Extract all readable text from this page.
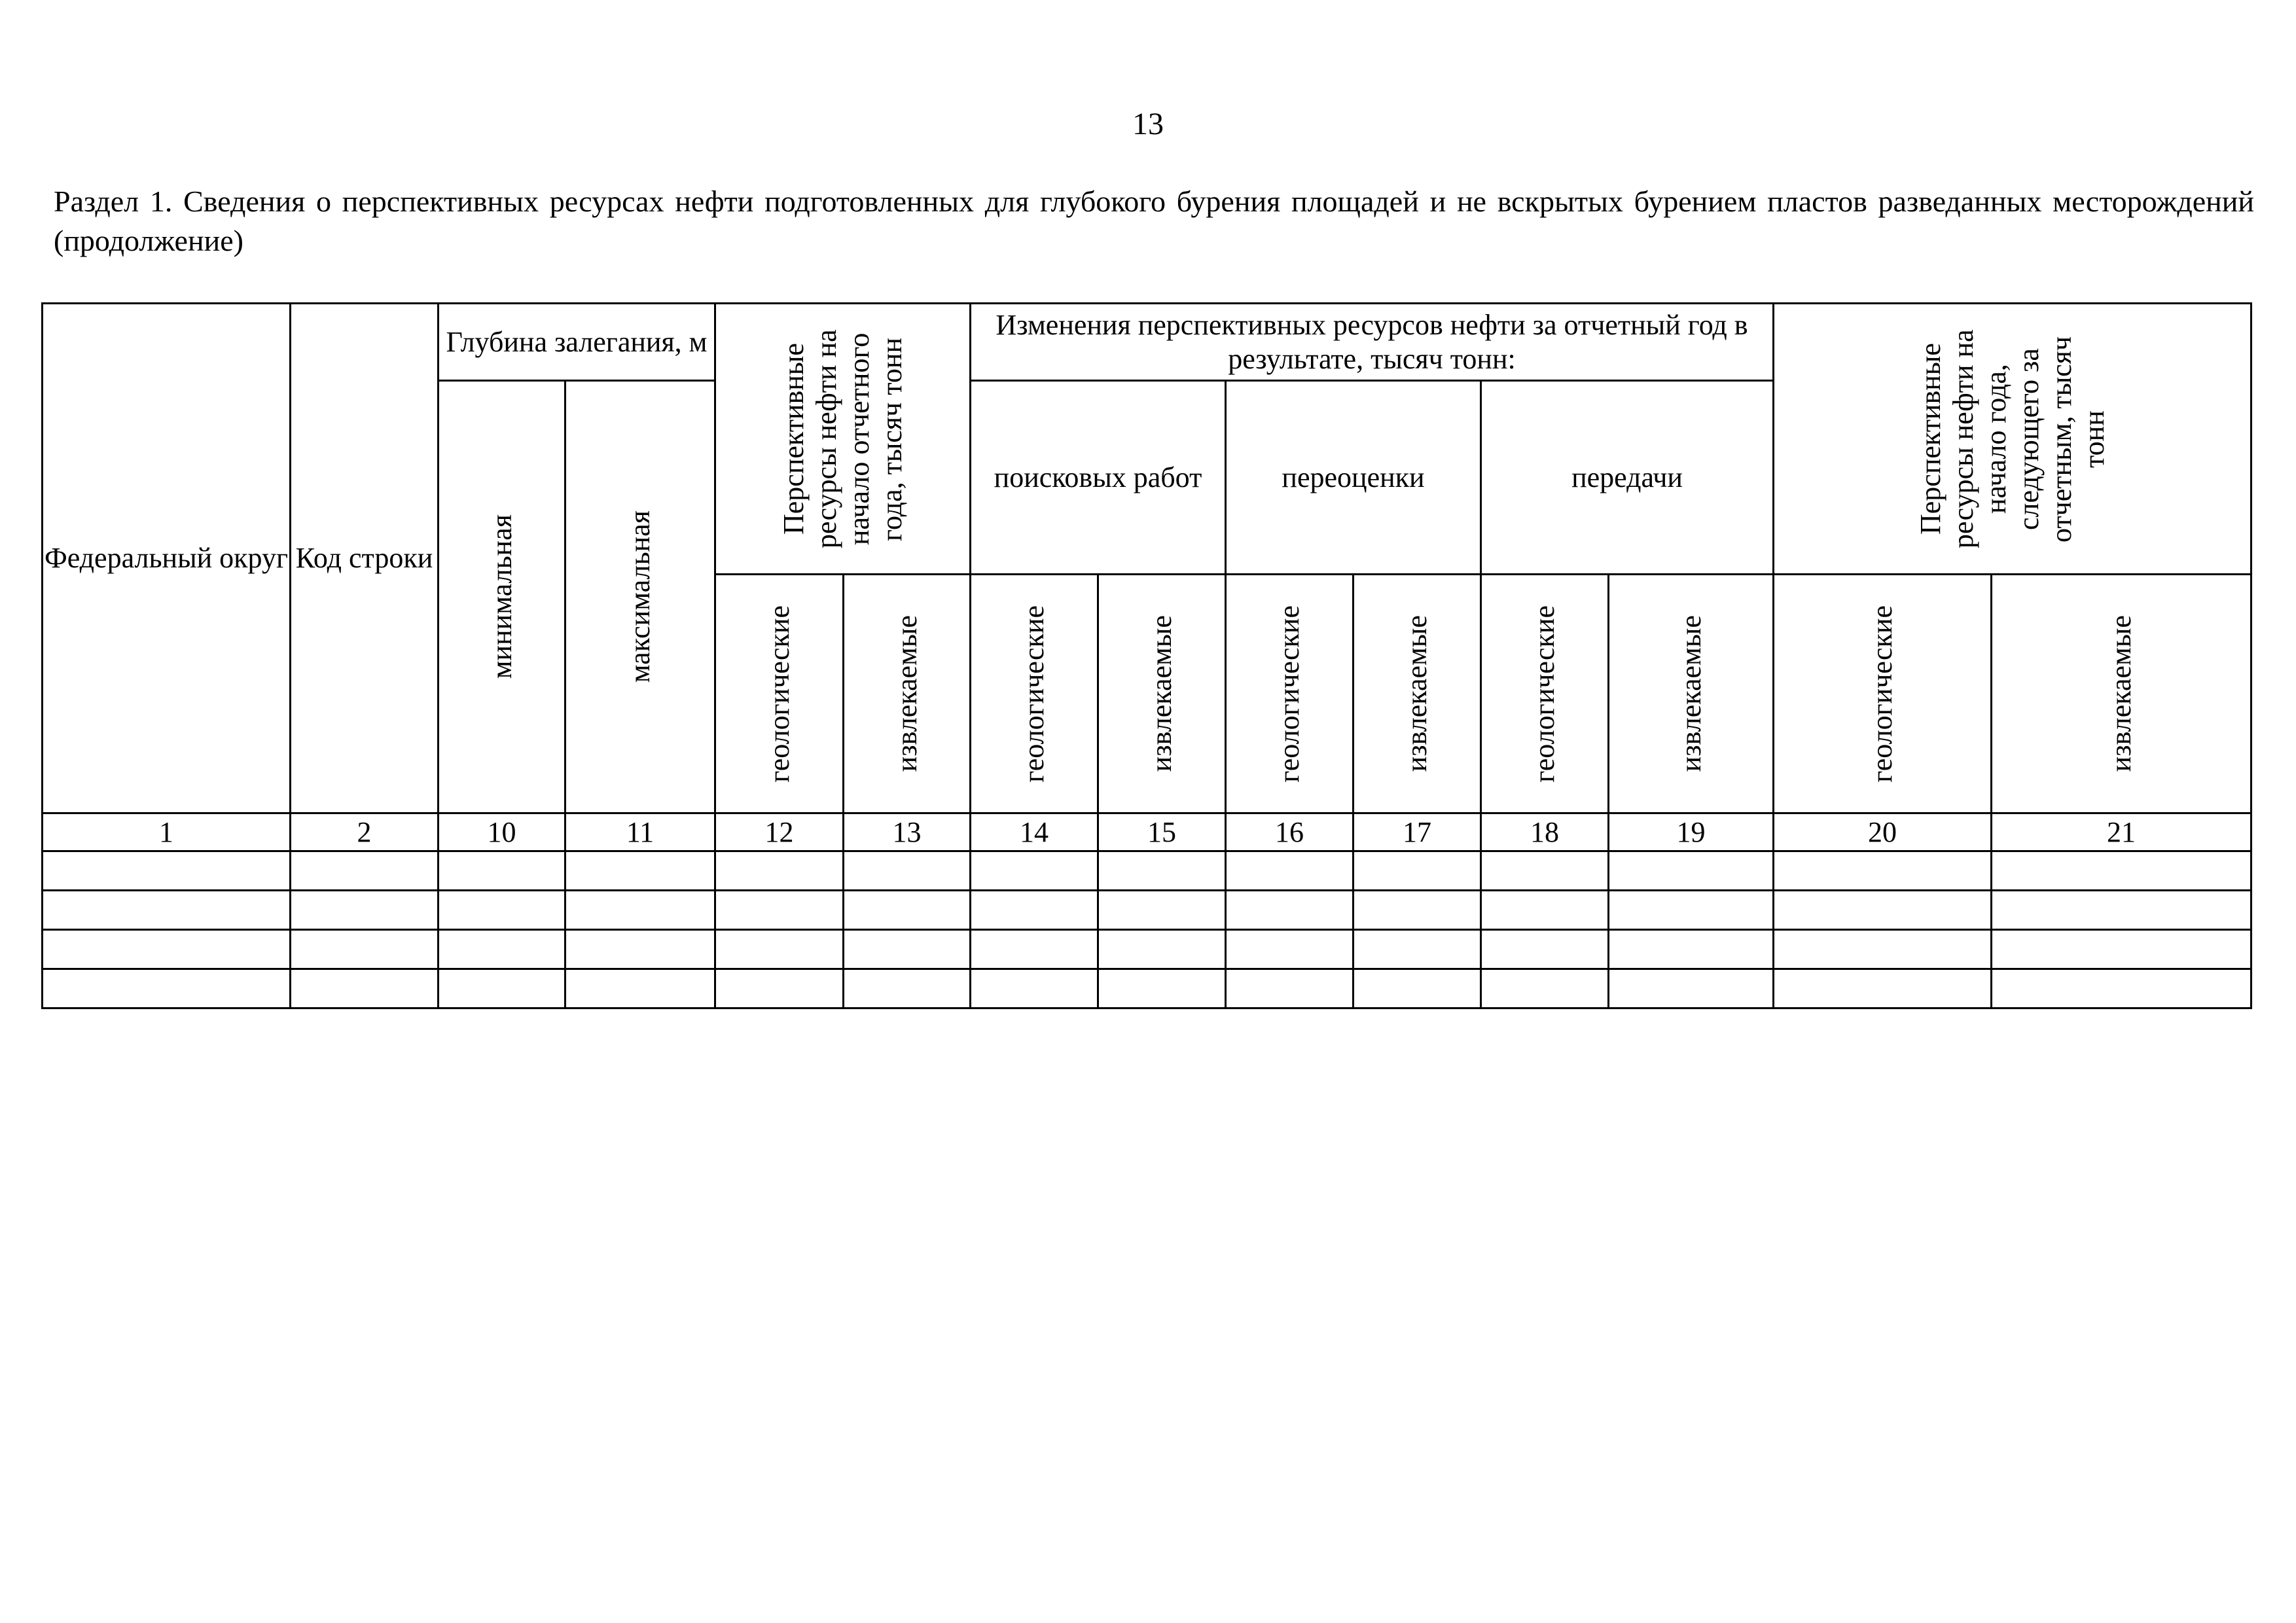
13
Раздел 1. Сведения о перспективных ресурсах нефти подготовленных для глубокого бурения площадей и не вскрытых бурением пластов разведанных месторождений (продолжение)
Федеральный округ	Код строки	Глубина залегания, м		Перспективные ресурсы нефти на начало отчетного года, тысяч тонн		Изменения перспективных ресурсов нефти за отчетный год в результате, тысяч тонн:						Перспективные ресурсы нефти на начало года, следующего за отчетным, тысяч тонн	

		минимальная	максимальная			поисковых работ		переоценки		передачи			

				геологические	извлекаемые	геологические	извлекаемые	геологические	извлекаемые	геологические	извлекаемые	геологические	извлекаемые

1	2	10	11	12	13	14	15	16	17	18	19	20	21
